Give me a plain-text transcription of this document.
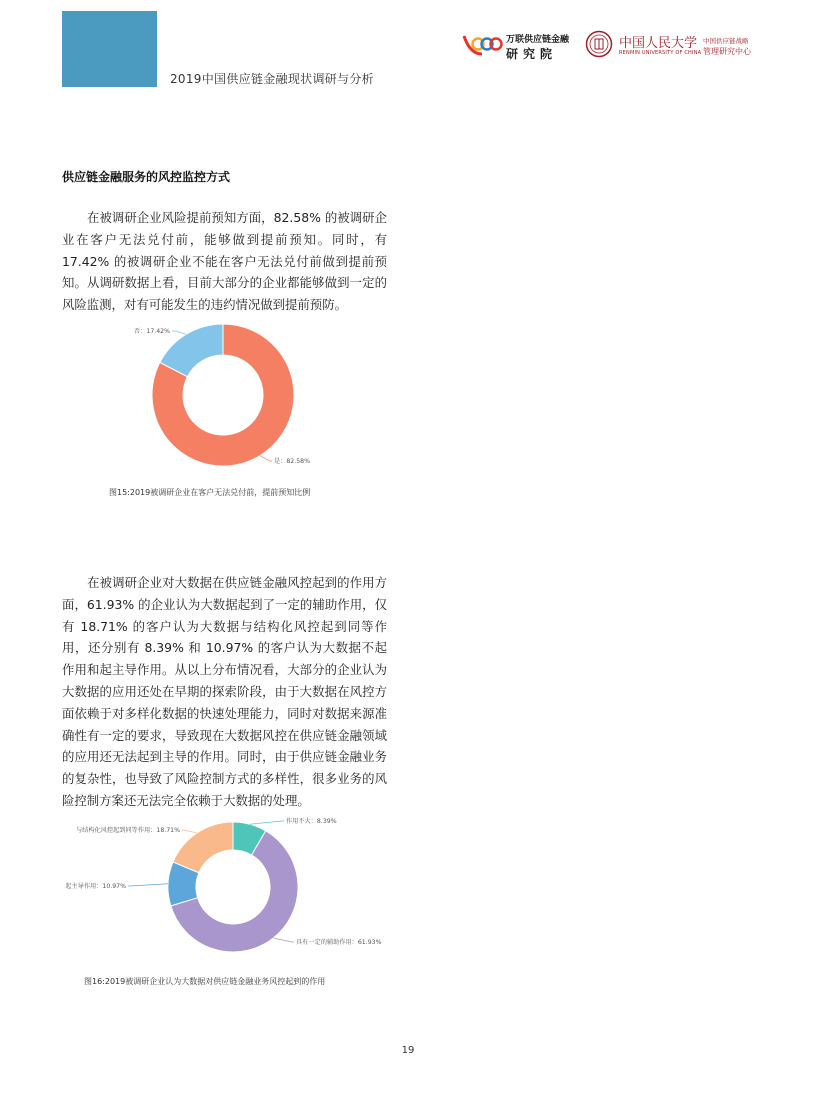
2019中国供应链金融现状调研与分析
万联供应链金融
研究院
中国人民大学
RENMIN UNIVERSITY OF CHINA
中国供应链战略
管理研究中心
供应链金融服务的风控监控方式
在被调研企业风险提前预知方面，82.58% 的被调研企业在客户无法兑付前，能够做到提前预知。同时，有17.42% 的被调研企业不能在客户无法兑付前做到提前预知。从调研数据上看，目前大部分的企业都能够做到一定的风险监测，对有可能发生的违约情况做到提前预防。
是：82.58%
否：17.42%
图15:2019被调研企业在客户无法兑付前，提前预知比例
在被调研企业对大数据在供应链金融风控起到的作用方面，61.93% 的企业认为大数据起到了一定的辅助作用，仅有 18.71% 的客户认为大数据与结构化风控起到同等作用，还分别有 8.39% 和 10.97% 的客户认为大数据不起作用和起主导作用。从以上分布情况看，大部分的企业认为大数据的应用还处在早期的探索阶段，由于大数据在风控方面依赖于对多样化数据的快速处理能力，同时对数据来源准确性有一定的要求，导致现在大数据风控在供应链金融领域的应用还无法起到主导的作用。同时，由于供应链金融业务的复杂性，也导致了风险控制方式的多样性，很多业务的风险控制方案还无法完全依赖于大数据的处理。
作用不大：8.39%
具有一定的辅助作用：61.93%
起主导作用：10.97%
与结构化风控起到同等作用：18.71%
图16:2019被调研企业认为大数据对供应链金融业务风控起到的作用
19
